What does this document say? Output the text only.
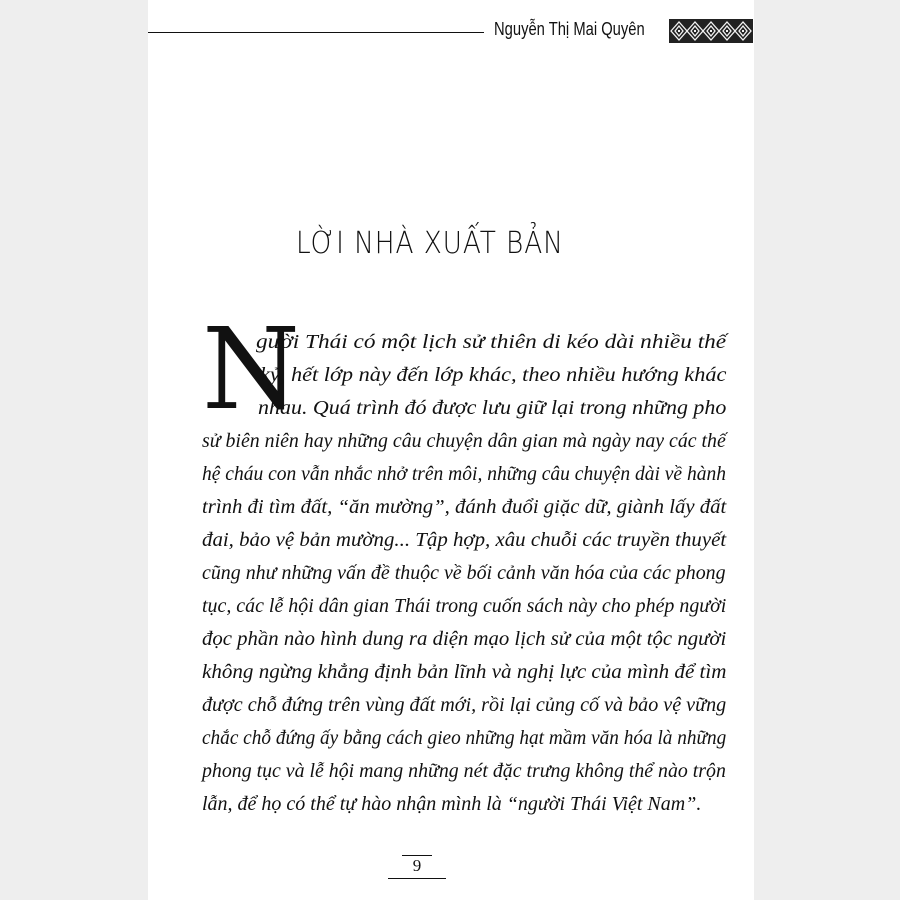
Nguyễn Thị Mai Quyên
LỜI NHÀ XUẤT BẢN
N
gười Thái có một lịch sử thiên di kéo dài nhiều thế
kỷ, hết lớp này đến lớp khác, theo nhiều hướng khác
nhau. Quá trình đó được lưu giữ lại trong những pho
sử biên niên hay những câu chuyện dân gian mà ngày nay các thế
hệ cháu con vẫn nhắc nhở trên môi, những câu chuyện dài về hành
trình đi tìm đất, “ăn mường”, đánh đuổi giặc dữ, giành lấy đất
đai, bảo vệ bản mường... Tập hợp, xâu chuỗi các truyền thuyết
cũng như những vấn đề thuộc về bối cảnh văn hóa của các phong
tục, các lễ hội dân gian Thái trong cuốn sách này cho phép người
đọc phần nào hình dung ra diện mạo lịch sử của một tộc người
không ngừng khẳng định bản lĩnh và nghị lực của mình để tìm
được chỗ đứng trên vùng đất mới, rồi lại củng cố và bảo vệ vững
chắc chỗ đứng ấy bằng cách gieo những hạt mầm văn hóa là những
phong tục và lễ hội mang những nét đặc trưng không thể nào trộn
lẫn, để họ có thể tự hào nhận mình là “người Thái Việt Nam”.
9
